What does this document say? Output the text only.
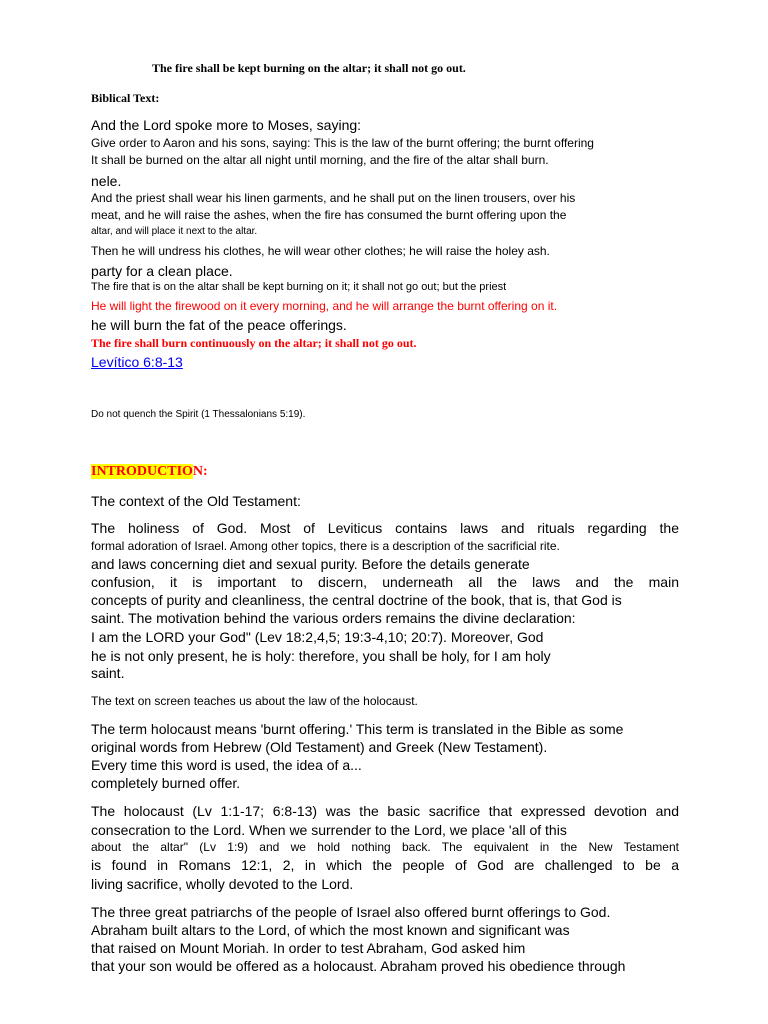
The fire shall be kept burning on the altar; it shall not go out.
Biblical Text:
And the Lord spoke more to Moses, saying:
Give order to Aaron and his sons, saying: This is the law of the burnt offering; the burnt offering
It shall be burned on the altar all night until morning, and the fire of the altar shall burn.
nele.
And the priest shall wear his linen garments, and he shall put on the linen trousers, over his
meat, and he will raise the ashes, when the fire has consumed the burnt offering upon the
altar, and will place it next to the altar.
Then he will undress his clothes, he will wear other clothes; he will raise the holey ash.
party for a clean place.
The fire that is on the altar shall be kept burning on it; it shall not go out; but the priest
He will light the firewood on it every morning, and he will arrange the burnt offering on it.
he will burn the fat of the peace offerings.
The fire shall burn continuously on the altar; it shall not go out.
Levítico 6:8-13
Do not quench the Spirit (1 Thessalonians 5:19).
INTRODUCTION:
The context of the Old Testament:
The holiness of God. Most of Leviticus contains laws and rituals regarding the
formal adoration of Israel. Among other topics, there is a description of the sacrificial rite.
and laws concerning diet and sexual purity. Before the details generate
confusion, it is important to discern, underneath all the laws and the main
concepts of purity and cleanliness, the central doctrine of the book, that is, that God is
saint. The motivation behind the various orders remains the divine declaration:
I am the LORD your God" (Lev 18:2,4,5; 19:3-4,10; 20:7). Moreover, God
he is not only present, he is holy: therefore, you shall be holy, for I am holy
saint.
The text on screen teaches us about the law of the holocaust.
The term holocaust means 'burnt offering.' This term is translated in the Bible as some
original words from Hebrew (Old Testament) and Greek (New Testament).
Every time this word is used, the idea of a...
completely burned offer.
The holocaust (Lv 1:1-17; 6:8-13) was the basic sacrifice that expressed devotion and
consecration to the Lord. When we surrender to the Lord, we place 'all of this
about the altar" (Lv 1:9) and we hold nothing back. The equivalent in the New Testament
is found in Romans 12:1, 2, in which the people of God are challenged to be a
living sacrifice, wholly devoted to the Lord.
The three great patriarchs of the people of Israel also offered burnt offerings to God.
Abraham built altars to the Lord, of which the most known and significant was
that raised on Mount Moriah. In order to test Abraham, God asked him
that your son would be offered as a holocaust. Abraham proved his obedience through
